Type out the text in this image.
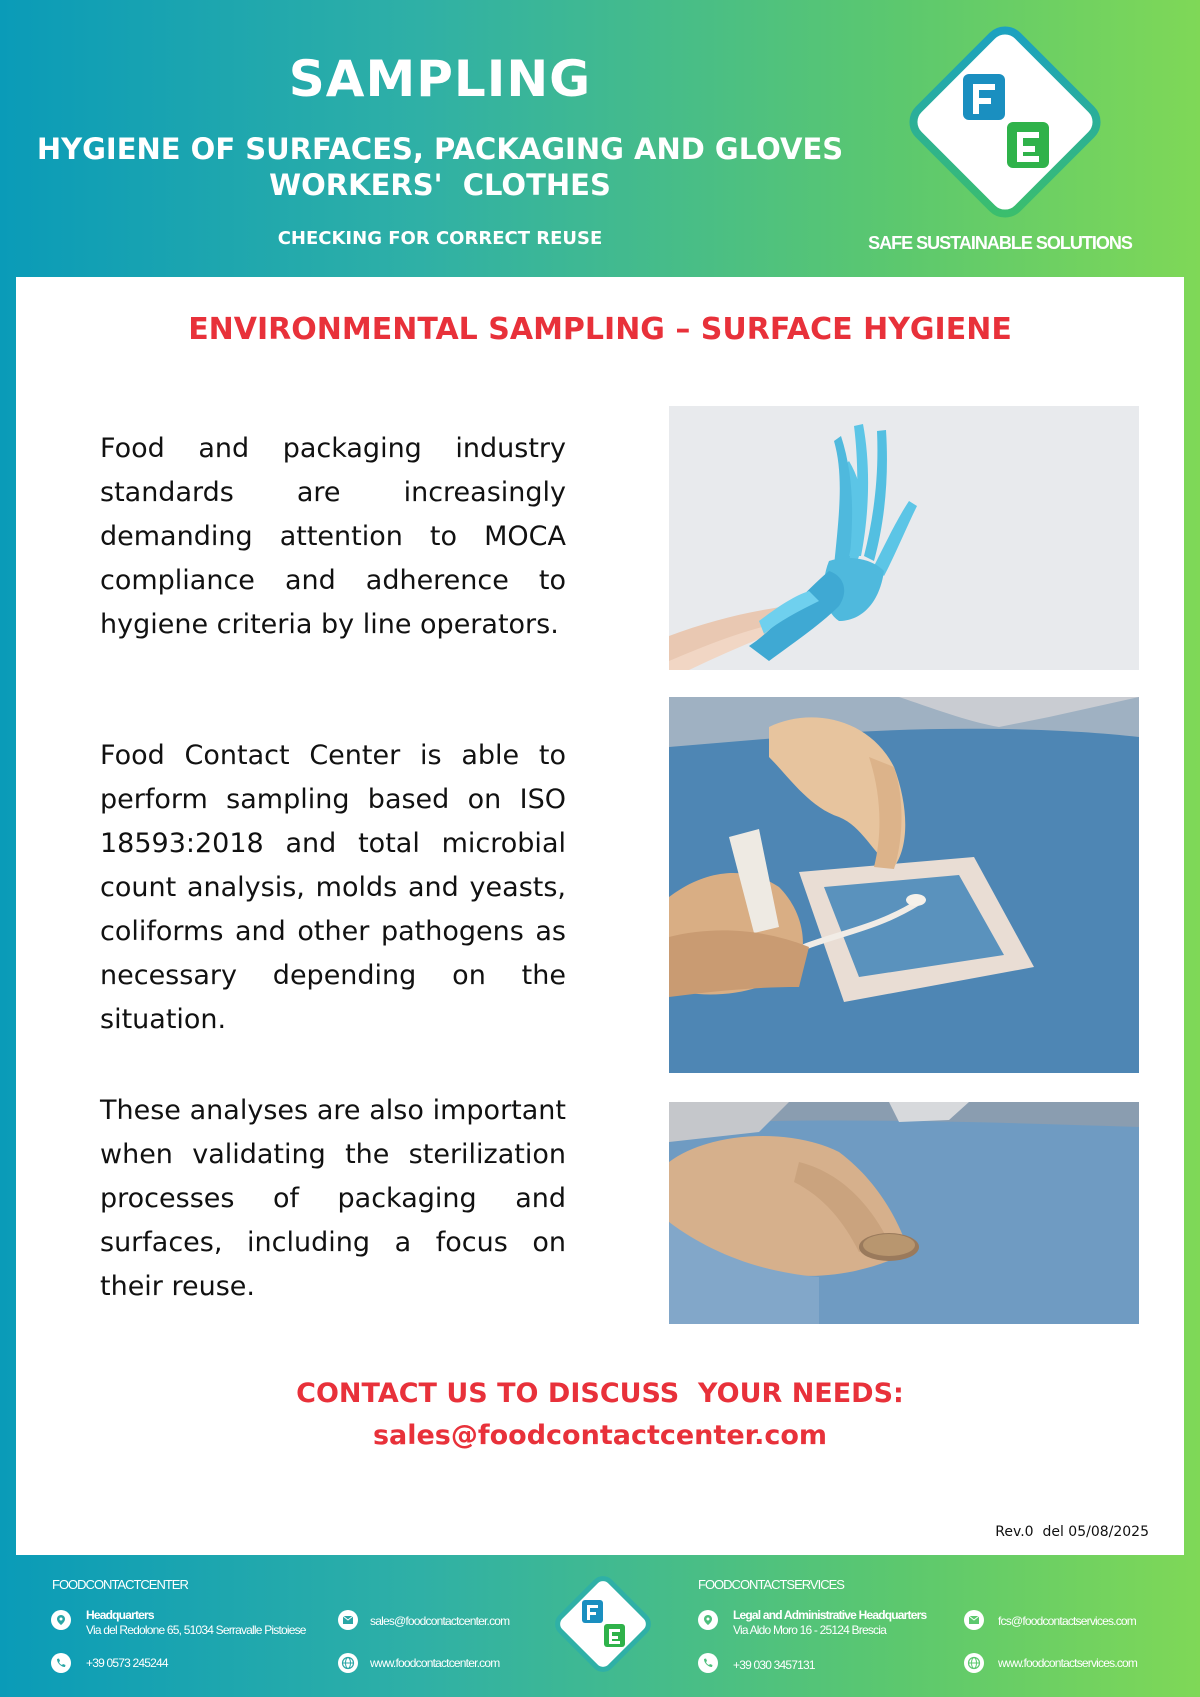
SAMPLING
HYGIENE OF SURFACES, PACKAGING AND GLOVES
WORKERS'  CLOTHES
CHECKING FOR CORRECT REUSE	SAFE SUSTAINABLE SOLUTIONS
ENVIRONMENTAL SAMPLING – SURFACE HYGIENE
Food and packaging industry standards are increasingly demanding attention to MOCA compliance and adherence to hygiene criteria by line operators.
Food Contact Center is able to perform sampling based on ISO 18593:2018 and total microbial count analysis, molds and yeasts, coliforms and other pathogens as necessary depending on the situation.
These analyses are also important when validating the sterilization processes of packaging and surfaces, including a focus on their reuse.
CONTACT US TO DISCUSS  YOUR NEEDS:
sales@foodcontactcenter.com
Rev.0  del 05/08/2025
FOODCONTACTCENTER
Headquarters
Via del Redolone 65, 51034 Serravalle Pistoiese
+39 0573 245244
sales@foodcontactcenter.com
www.foodcontactcenter.com
FOODCONTACTSERVICES
Legal and Administrative Headquarters
Via Aldo Moro 16 - 25124 Brescia
+39 030 3457131
fcs@foodcontactservices.com
www.foodcontactservices.com
